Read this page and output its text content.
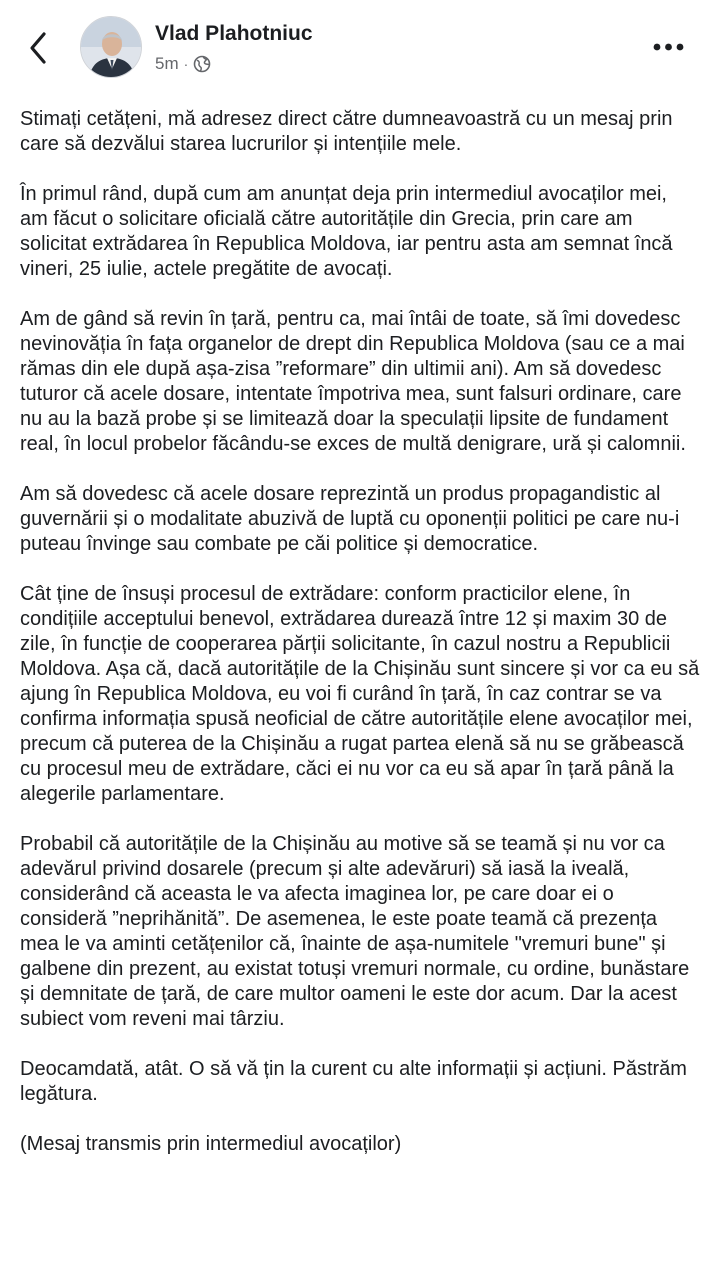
Vlad Plahotniuc
5m ·

Stimați cetățeni, mă adresez direct către dumneavoastră cu un mesaj prin care să dezvălui starea lucrurilor și intențiile mele.

În primul rând, după cum am anunțat deja prin intermediul avocaților mei, am făcut o solicitare oficială către autoritățile din Grecia, prin care am solicitat extrădarea în Republica Moldova, iar pentru asta am semnat încă vineri, 25 iulie, actele pregătite de avocați.

Am de gând să revin în țară, pentru ca, mai întâi de toate, să îmi dovedesc nevinovăția în fața organelor de drept din Republica Moldova (sau ce a mai rămas din ele după așa-zisa ”reformare” din ultimii ani). Am să dovedesc tuturor că acele dosare, intentate împotriva mea, sunt falsuri ordinare, care nu au la bază probe și se limitează doar la speculații lipsite de fundament real, în locul probelor făcându-se exces de multă denigrare, ură și calomnii.

Am să dovedesc că acele dosare reprezintă un produs propagandistic al guvernării și o modalitate abuzivă de luptă cu oponenții politici pe care nu-i puteau învinge sau combate pe căi politice și democratice.

Cât ține de însuși procesul de extrădare: conform practicilor elene, în condițiile acceptului benevol, extrădarea durează între 12 și maxim 30 de zile, în funcție de cooperarea părții solicitante, în cazul nostru a Republicii Moldova. Așa că, dacă autoritățile de la Chișinău sunt sincere și vor ca eu să ajung în Republica Moldova, eu voi fi curând în țară, în caz contrar se va confirma informația spusă neoficial de către autoritățile elene avocaților mei, precum că puterea de la Chișinău a rugat partea elenă să nu se grăbească cu procesul meu de extrădare, căci ei nu vor ca eu să apar în țară până la alegerile parlamentare.

Probabil că autoritățile de la Chișinău au motive să se teamă și nu vor ca adevărul privind dosarele (precum și alte adevăruri) să iasă la iveală, considerând că aceasta le va afecta imaginea lor, pe care doar ei o consideră ”neprihănită”. De asemenea, le este poate teamă că prezența mea le va aminti cetățenilor că, înainte de așa-numitele "vremuri bune" și galbene din prezent, au existat totuși vremuri normale, cu ordine, bunăstare și demnitate de țară, de care multor oameni le este dor acum. Dar la acest subiect vom reveni mai târziu.

Deocamdată, atât. O să vă țin la curent cu alte informații și acțiuni. Păstrăm legătura.

(Mesaj transmis prin intermediul avocaților)
